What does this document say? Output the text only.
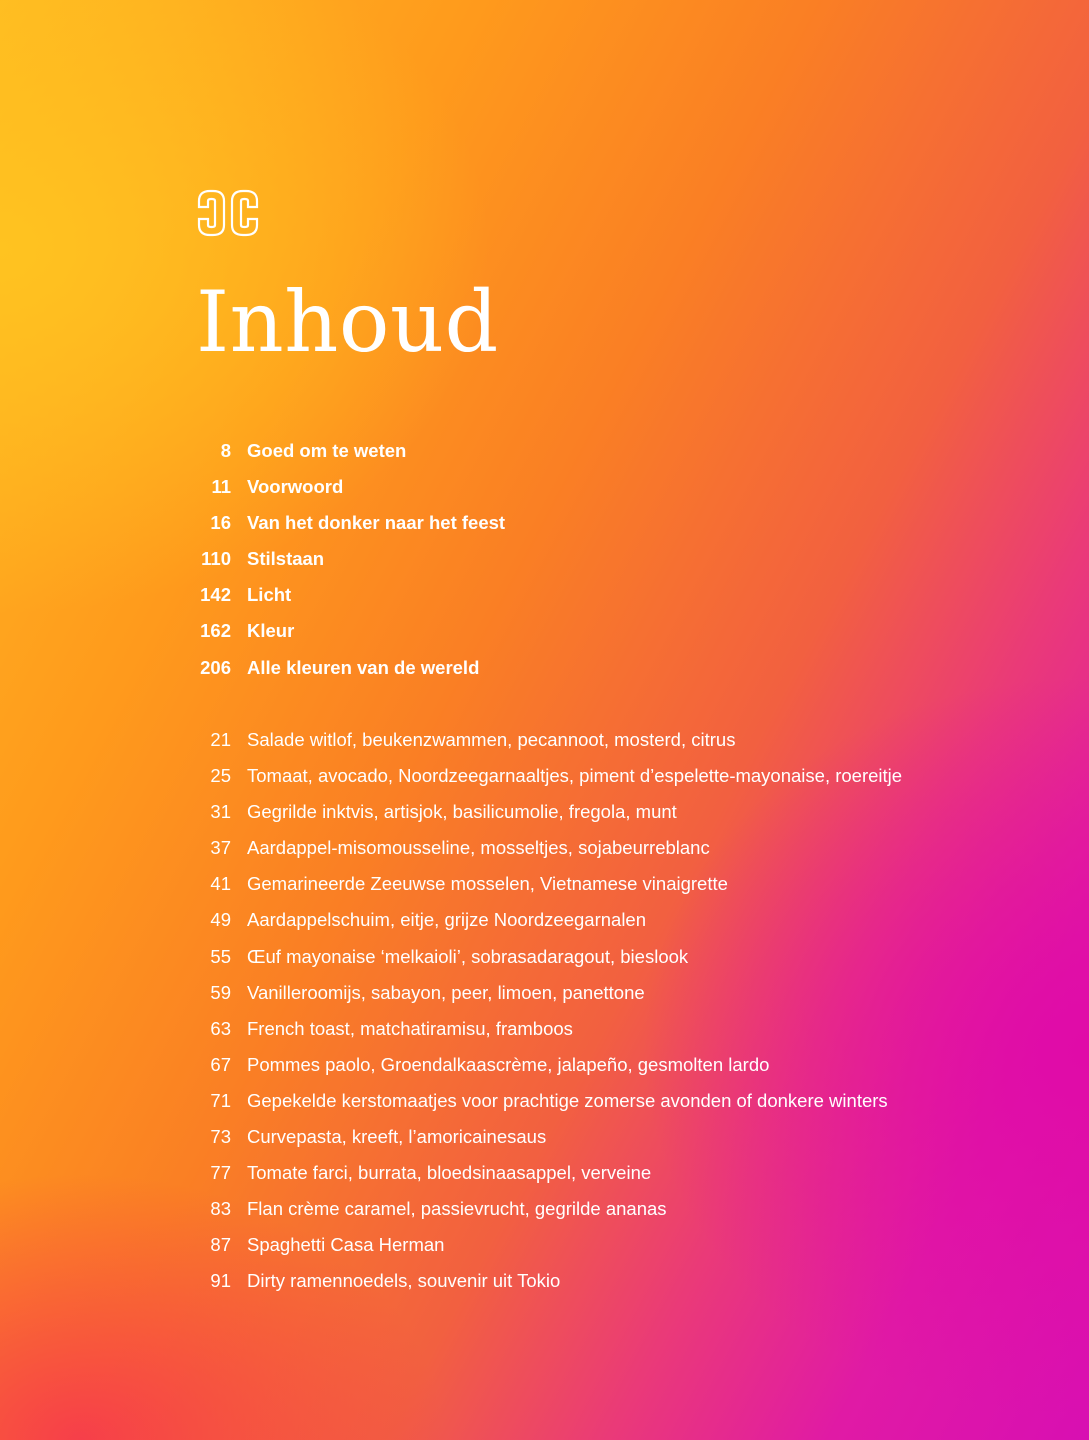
Inhoud
8 Goed om te weten
11 Voorwoord
16 Van het donker naar het feest
110 Stilstaan
142 Licht
162 Kleur
206 Alle kleuren van de wereld
21 Salade witlof, beukenzwammen, pecannoot, mosterd, citrus
25 Tomaat, avocado, Noordzeegarnaaltjes, piment d’espelette-mayonaise, roereitje
31 Gegrilde inktvis, artisjok, basilicumolie, fregola, munt
37 Aardappel-misomousseline, mosseltjes, sojabeurreblanc
41 Gemarineerde Zeeuwse mosselen, Vietnamese vinaigrette
49 Aardappelschuim, eitje, grijze Noordzeegarnalen
55 Œuf mayonaise ‘melkaioli’, sobrasadaragout, bieslook
59 Vanilleroomijs, sabayon, peer, limoen, panettone
63 French toast, matchatiramisu, framboos
67 Pommes paolo, Groendalkaascrème, jalapeño, gesmolten lardo
71 Gepekelde kerstomaatjes voor prachtige zomerse avonden of donkere winters
73 Curvepasta, kreeft, l’amoricainesaus
77 Tomate farci, burrata, bloedsinaasappel, verveine
83 Flan crème caramel, passievrucht, gegrilde ananas
87 Spaghetti Casa Herman
91 Dirty ramennoedels, souvenir uit Tokio
